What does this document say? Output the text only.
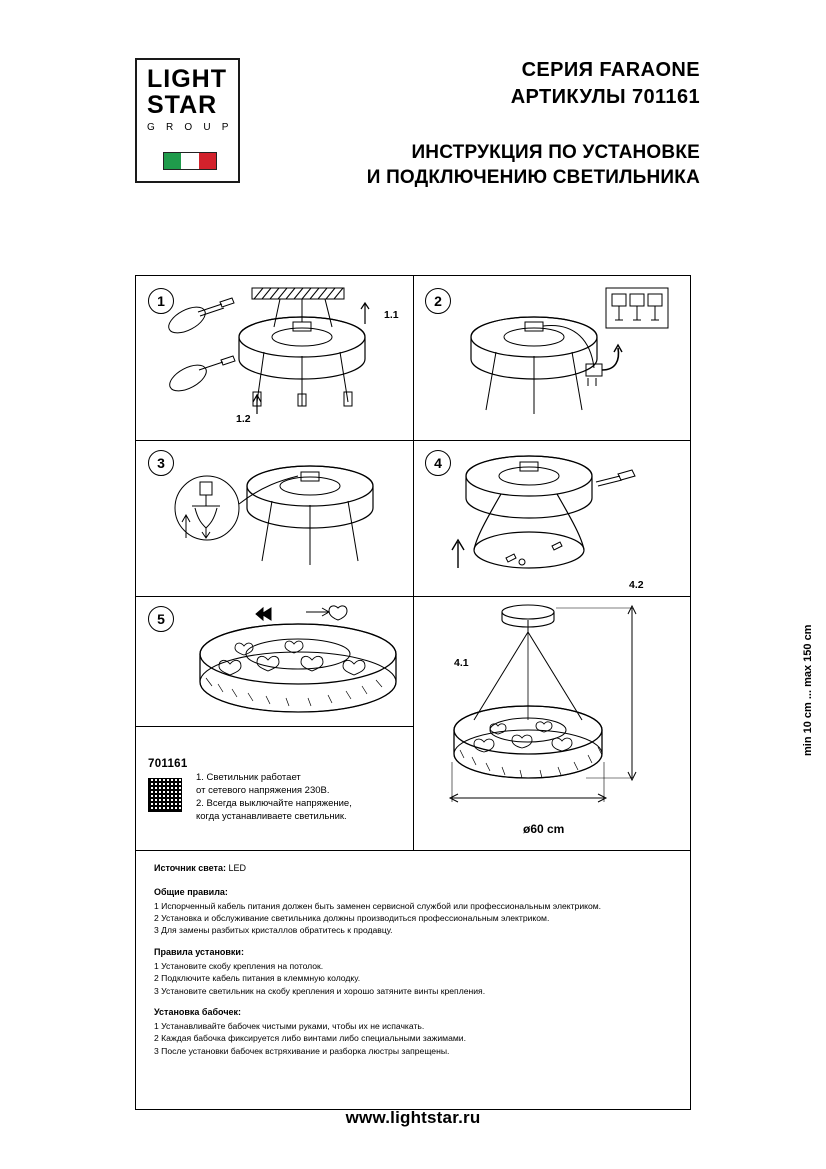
LIGHT
STAR
G R O U P
СЕРИЯ FARAONE
АРТИКУЛЫ 701161
ИНСТРУКЦИЯ ПО УСТАНОВКЕ
И ПОДКЛЮЧЕНИЮ СВЕТИЛЬНИКА
1
1.1
1.2
2
3	4
4.2
4.1
5
min 10 cm ... max 150 cm
ø60 cm
701161
1. Светильник работает
от сетевого напряжения 230В.
2. Всегда выключайте напряжение,
когда устанавливаете светильник.
Источник света: LED
Общие правила:
1 Испорченный кабель питания должен быть заменен сервисной службой или профессиональным электриком.
2 Установка и обслуживание светильника должны производиться профессиональным электриком.
3 Для замены разбитых кристаллов обратитесь к продавцу.
Правила установки:
1 Установите скобу крепления на потолок.
2 Подключите кабель питания в клеммную колодку.
3 Установите светильник на скобу крепления и хорошо затяните винты крепления.
Установка бабочек:
1 Устанавливайте бабочек чистыми руками, чтобы их не испачкать.
2 Каждая бабочка фиксируется либо винтами либо специальными зажимами.
3 После установки бабочек встряхивание и разборка люстры запрещены.
www.lightstar.ru
